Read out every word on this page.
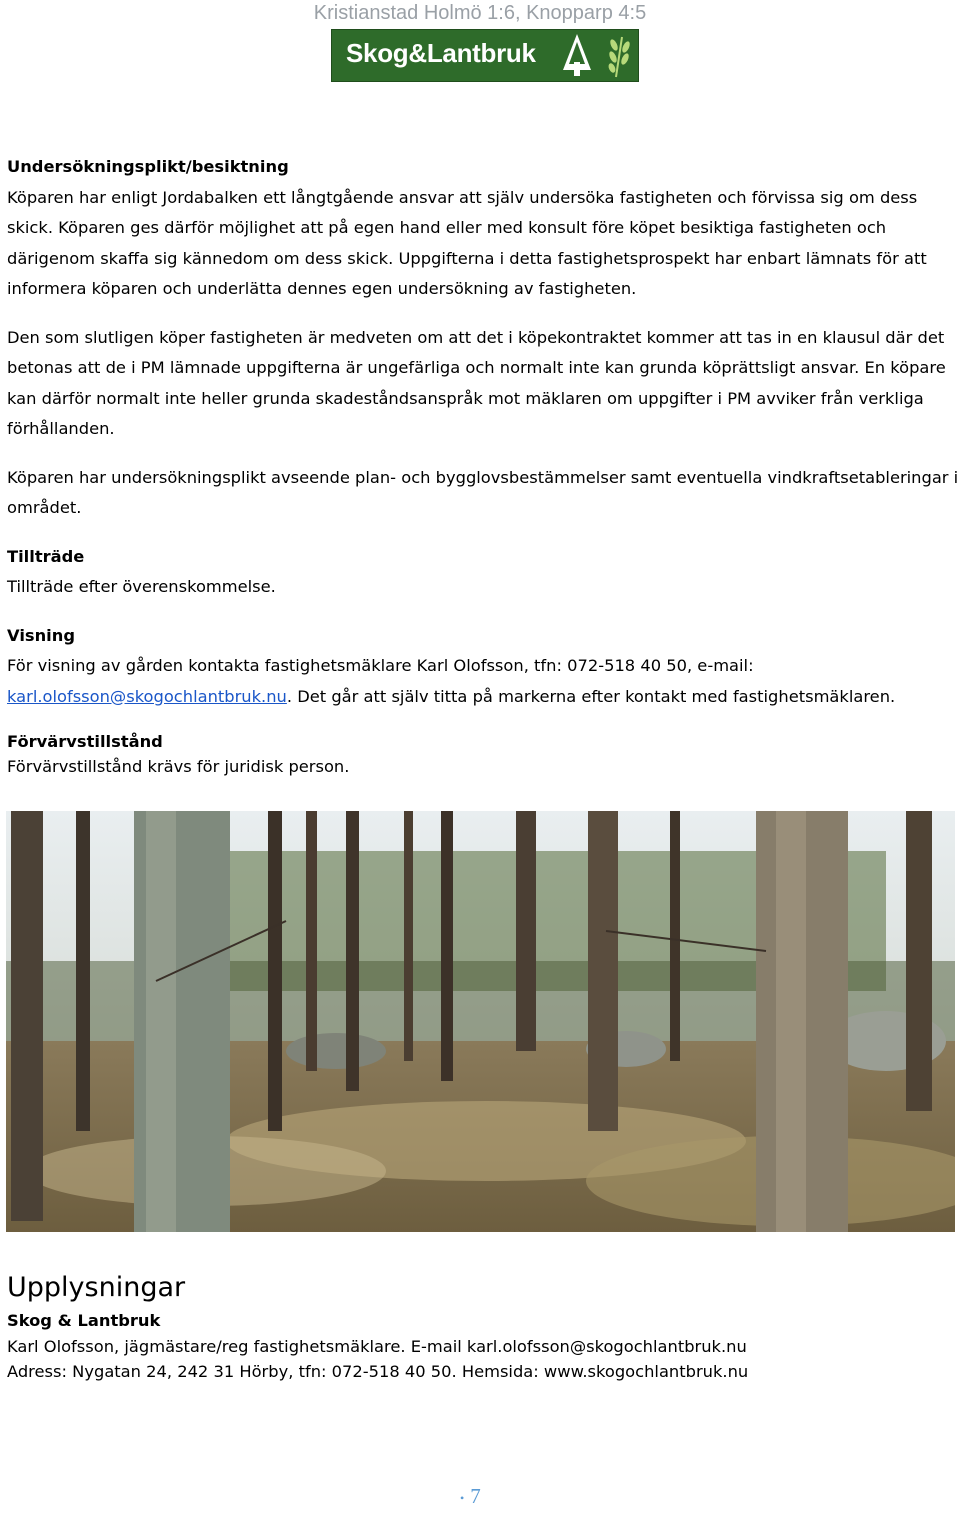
Kristianstad Holmö 1:6, Knopparp 4:5
Skog&Lantbruk

Undersökningsplikt/besiktning

Köparen har enligt Jordabalken ett långtgående ansvar att själv undersöka fastigheten och förvissa sig om dess skick. Köparen ges därför möjlighet att på egen hand eller med konsult före köpet besiktiga fastigheten och därigenom skaffa sig kännedom om dess skick. Uppgifterna i detta fastighetsprospekt har enbart lämnats för att informera köparen och underlätta dennes egen undersökning av fastigheten.

Den som slutligen köper fastigheten är medveten om att det i köpekontraktet kommer att tas in en klausul där det betonas att de i PM lämnade uppgifterna är ungefärliga och normalt inte kan grunda köprättsligt ansvar. En köpare kan därför normalt inte heller grunda skadeståndsanspråk mot mäklaren om uppgifter i PM avviker från verkliga förhållanden.

Köparen har undersökningsplikt avseende plan- och bygglovsbestämmelser samt eventuella vindkraftsetableringar i området.

Tillträde

Tillträde efter överenskommelse.

Visning

För visning av gården kontakta fastighetsmäklare Karl Olofsson, tfn: 072-518 40 50, e-mail: karl.olofsson@skogochlantbruk.nu. Det går att själv titta på markerna efter kontakt med fastighetsmäklaren.

Förvärvstillstånd

Förvärvstillstånd krävs för juridisk person.

Upplysningar
Skog & Lantbruk
Karl Olofsson, jägmästare/reg fastighetsmäklare. E-mail karl.olofsson@skogochlantbruk.nu
Adress: Nygatan 24, 242 31 Hörby, tfn: 072-518 40 50. Hemsida: www.skogochlantbruk.nu
• 7
